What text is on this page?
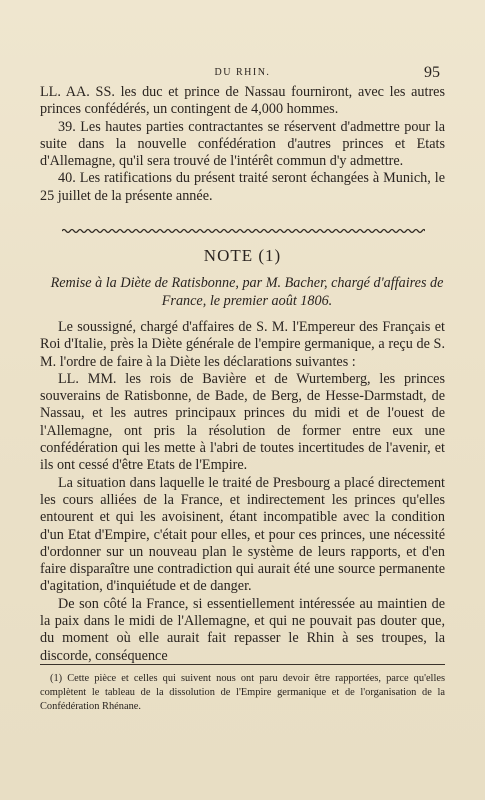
DU RHIN.	95

LL. AA. SS. les duc et prince de Nassau fourniront, avec les autres princes confédérés, un contingent de 4,000 hommes.

39. Les hautes parties contractantes se réservent d'admettre pour la suite dans la nouvelle confédération d'autres princes et Etats d'Allemagne, qu'il sera trouvé de l'intérêt commun d'y admettre.

40. Les ratifications du présent traité seront échangées à Munich, le 25 juillet de la présente année.

NOTE (1)
Remise à la Diète de Ratisbonne, par M. Bacher, chargé d'affaires de France, le premier août 1806.

Le soussigné, chargé d'affaires de S. M. l'Empereur des Français et Roi d'Italie, près la Diète générale de l'empire germanique, a reçu de S. M. l'ordre de faire à la Diète les déclarations suivantes :

LL. MM. les rois de Bavière et de Wurtemberg, les princes souverains de Ratisbonne, de Bade, de Berg, de Hesse-Darmstadt, de Nassau, et les autres principaux princes du midi et de l'ouest de l'Allemagne, ont pris la résolution de former entre eux une confédération qui les mette à l'abri de toutes incertitudes de l'avenir, et ils ont cessé d'être Etats de l'Empire.

La situation dans laquelle le traité de Presbourg a placé directement les cours alliées de la France, et indirectement les princes qu'elles entourent et qui les avoisinent, étant incompatible avec la condition d'un Etat d'Empire, c'était pour elles, et pour ces princes, une nécessité d'ordonner sur un nouveau plan le système de leurs rapports, et d'en faire disparaître une contradiction qui aurait été une source permanente d'agitation, d'inquiétude et de danger.

De son côté la France, si essentiellement intéressée au maintien de la paix dans le midi de l'Allemagne, et qui ne pouvait pas douter que, du moment où elle aurait fait repasser le Rhin à ses troupes, la discorde, conséquence

(1) Cette pièce et celles qui suivent nous ont paru devoir être rapportées, parce qu'elles complètent le tableau de la dissolution de l'Empire germanique et de l'organisation de la Confédération Rhénane.
